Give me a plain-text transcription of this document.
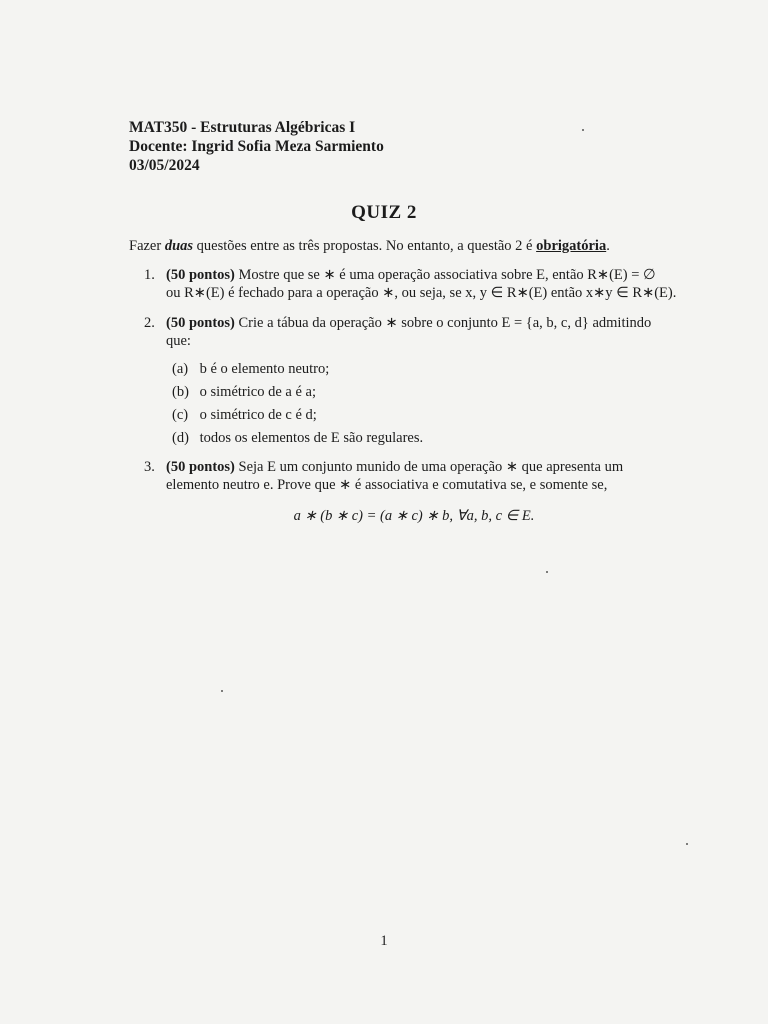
MAT350 - Estruturas Algébricas I
Docente: Ingrid Sofia Meza Sarmiento
03/05/2024
QUIZ 2
Fazer duas questões entre as três propostas. No entanto, a questão 2 é obrigatória.
1. (50 pontos) Mostre que se ∗ é uma operação associativa sobre E, então R∗(E) = ∅
ou R∗(E) é fechado para a operação ∗, ou seja, se x, y ∈ R∗(E) então x∗y ∈ R∗(E).
2. (50 pontos) Crie a tábua da operação ∗ sobre o conjunto E = {a, b, c, d} admitindo
que:
(a) b é o elemento neutro;
(b) o simétrico de a é a;
(c) o simétrico de c é d;
(d) todos os elementos de E são regulares.
3. (50 pontos) Seja E um conjunto munido de uma operação ∗ que apresenta um
elemento neutro e. Prove que ∗ é associativa e comutativa se, e somente se,
a ∗ (b ∗ c) = (a ∗ c) ∗ b, ∀a, b, c ∈ E.
1
